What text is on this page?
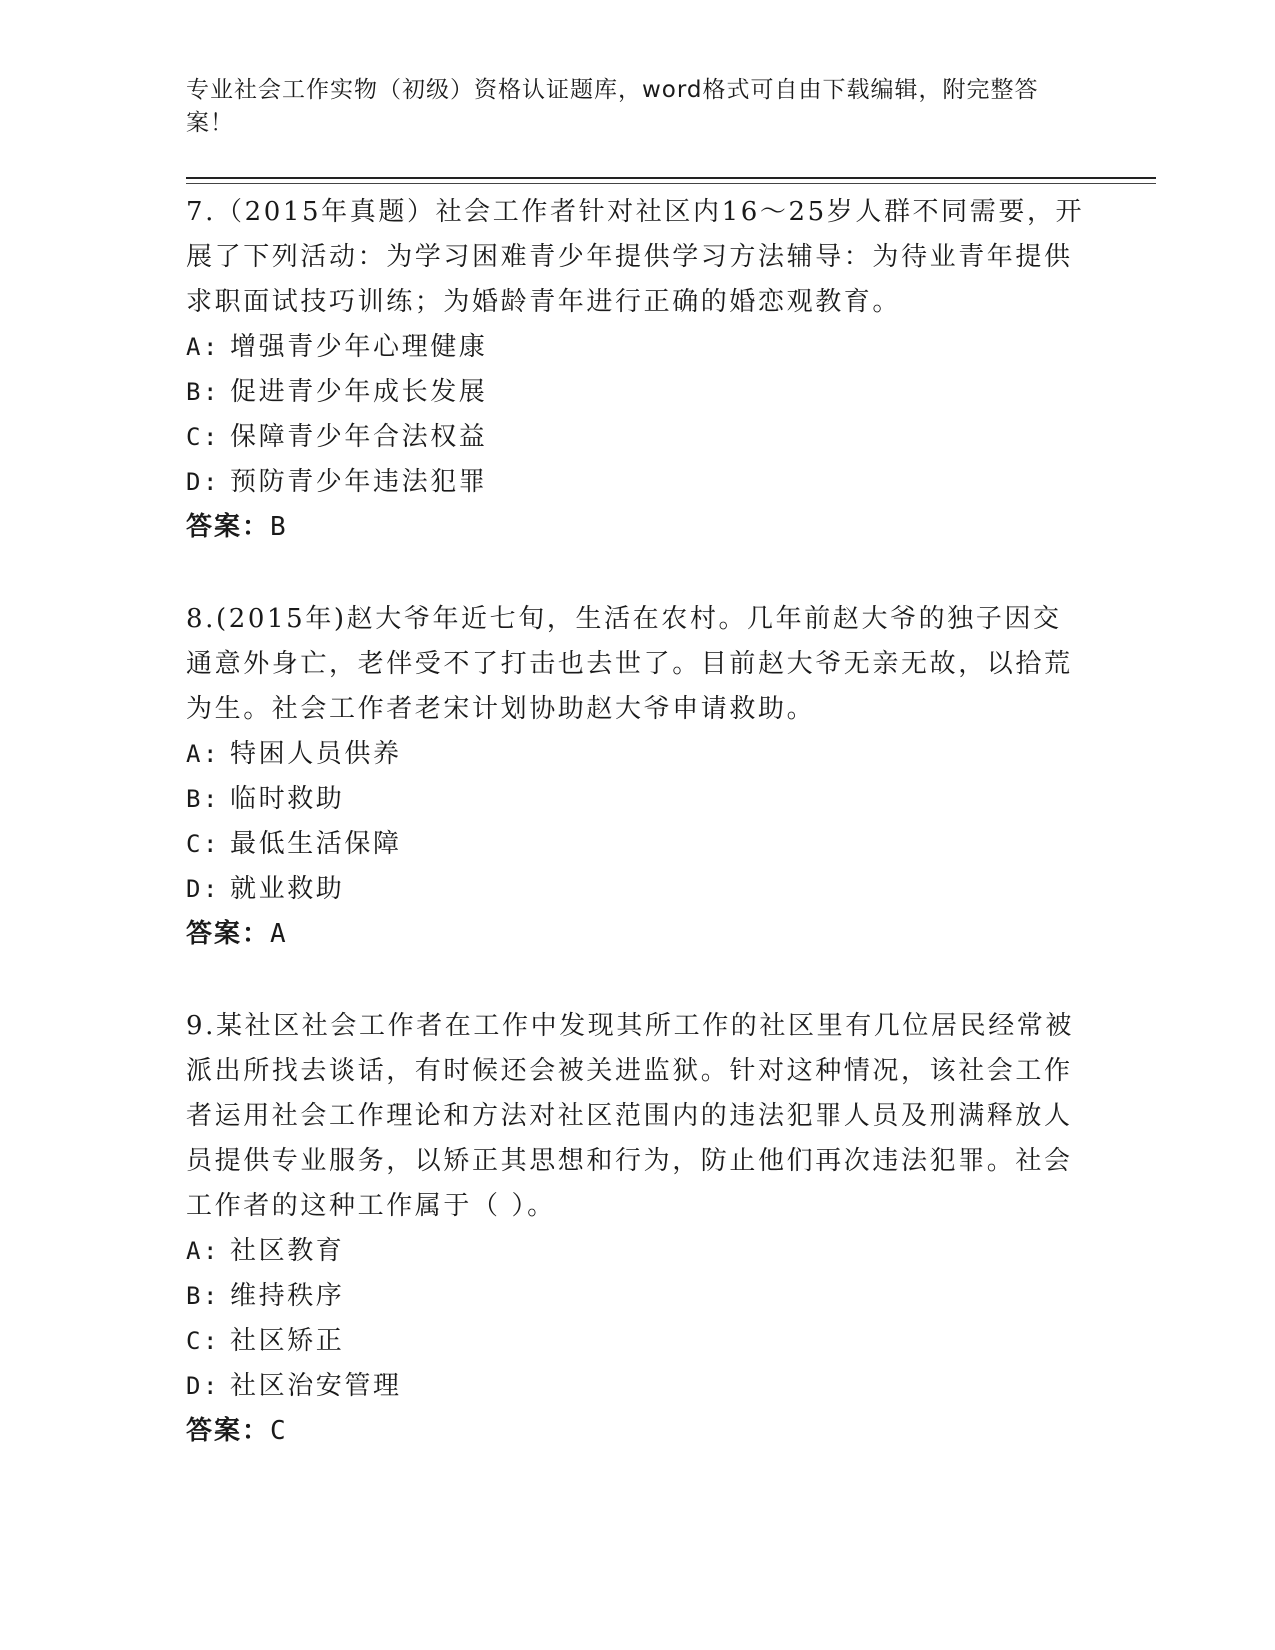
专业社会工作实物（初级）资格认证题库，word格式可自由下载编辑，附完整答案！

7.（2015年真题）社会工作者针对社区内16～25岁人群不同需要，开展了下列活动：为学习困难青少年提供学习方法辅导：为待业青年提供求职面试技巧训练；为婚龄青年进行正确的婚恋观教育。

A: 增强青少年心理健康
B: 促进青少年成长发展
C: 保障青少年合法权益
D: 预防青少年违法犯罪
答案：B

8.(2015年)赵大爷年近七旬，生活在农村。几年前赵大爷的独子因交通意外身亡，老伴受不了打击也去世了。目前赵大爷无亲无故，以拾荒为生。社会工作者老宋计划协助赵大爷申请救助。

A: 特困人员供养
B: 临时救助
C: 最低生活保障
D: 就业救助
答案：A

9.某社区社会工作者在工作中发现其所工作的社区里有几位居民经常被派出所找去谈话，有时候还会被关进监狱。针对这种情况，该社会工作者运用社会工作理论和方法对社区范围内的违法犯罪人员及刑满释放人员提供专业服务，以矫正其思想和行为，防止他们再次违法犯罪。社会工作者的这种工作属于（ ）。

A: 社区教育
B: 维持秩序
C: 社区矫正
D: 社区治安管理
答案：C
